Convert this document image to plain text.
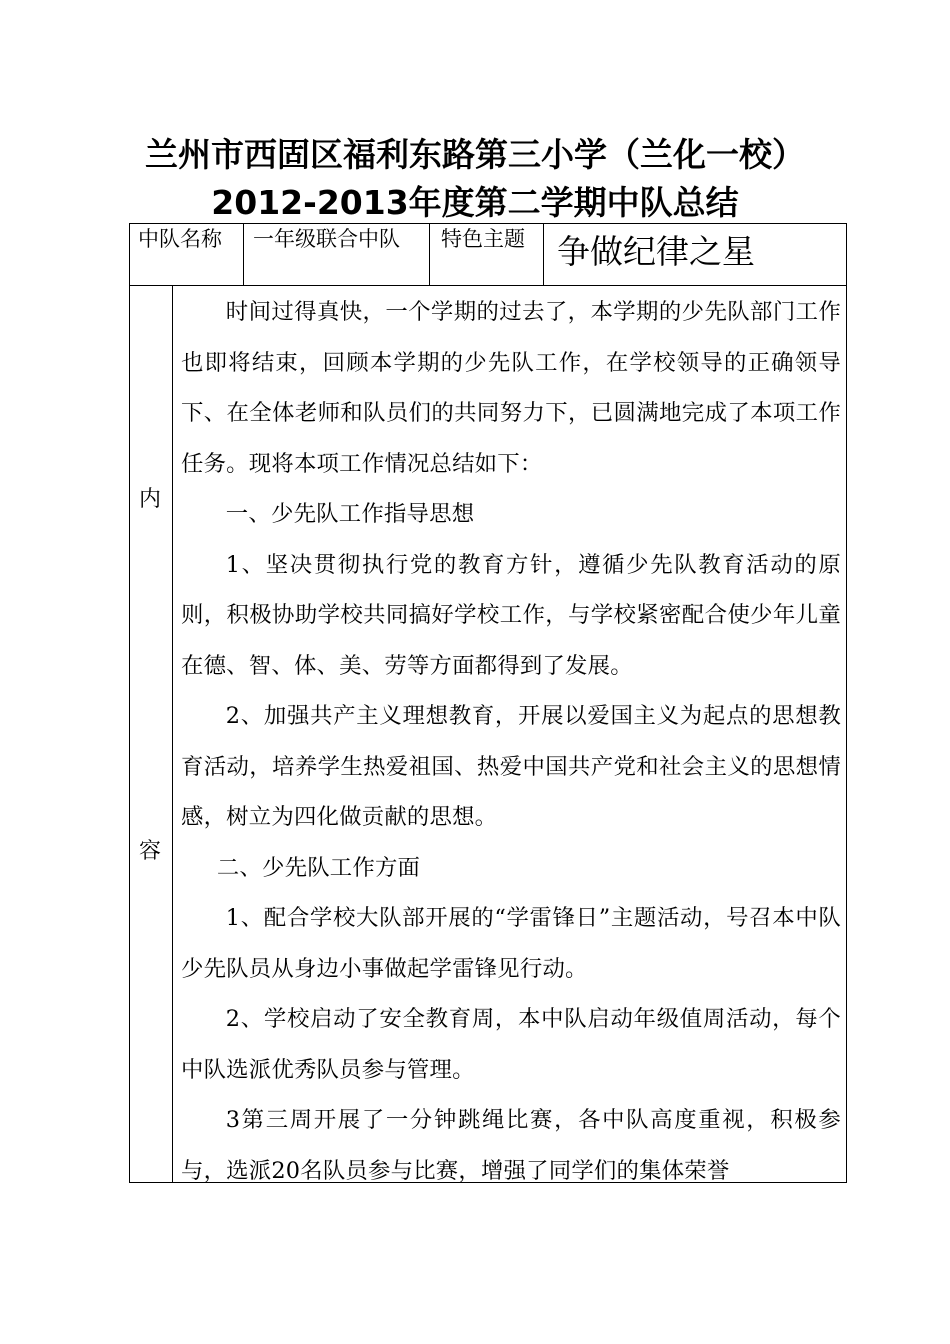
兰州市西固区福利东路第三小学（兰化一校）
2012-2013年度第二学期中队总结
中队名称 一年级联合中队 特色主题 争做纪律之星
内
容

时间过得真快，一个学期的过去了，本学期的少先队部门工作也即将结束，回顾本学期的少先队工作，在学校领导的正确领导下、在全体老师和队员们的共同努力下，已圆满地完成了本项工作任务。现将本项工作情况总结如下：

一、少先队工作指导思想

1、坚决贯彻执行党的教育方针，遵循少先队教育活动的原则，积极协助学校共同搞好学校工作，与学校紧密配合使少年儿童在德、智、体、美、劳等方面都得到了发展。

2、加强共产主义理想教育，开展以爱国主义为起点的思想教育活动，培养学生热爱祖国、热爱中国共产党和社会主义的思想情感，树立为四化做贡献的思想。

二、少先队工作方面

1、配合学校大队部开展的“学雷锋日”主题活动，号召本中队少先队员从身边小事做起学雷锋见行动。

2、学校启动了安全教育周，本中队启动年级值周活动，每个中队选派优秀队员参与管理。

3第三周开展了一分钟跳绳比赛，各中队高度重视，积极参与，选派20名队员参与比赛，增强了同学们的集体荣誉
